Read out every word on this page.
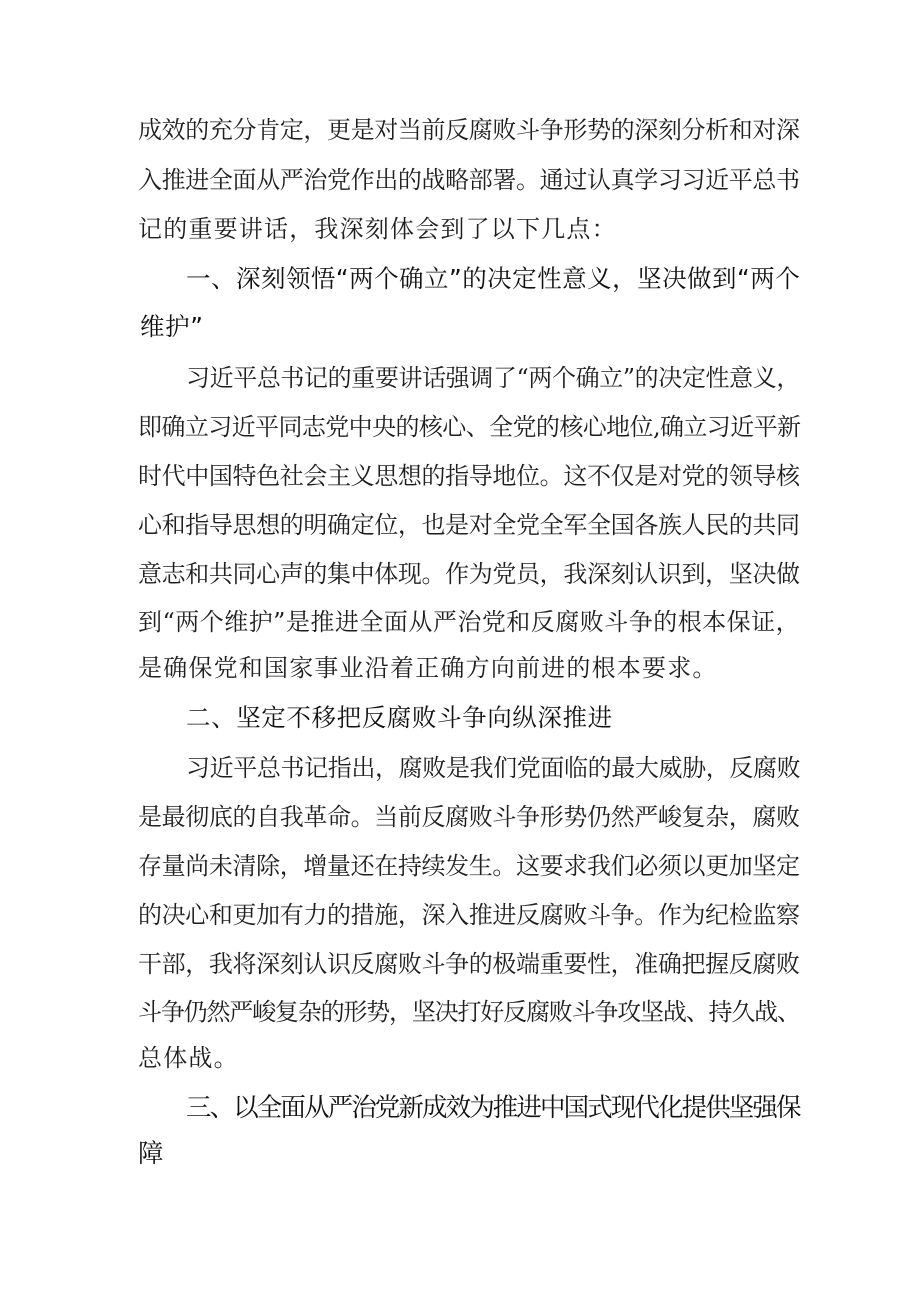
成效的充分肯定，更是对当前反腐败斗争形势的深刻分析和对深
入推进全面从严治党作出的战略部署。通过认真学习习近平总书
记的重要讲话，我深刻体会到了以下几点：
一、深刻领悟“两个确立”的决定性意义，坚决做到“两个
维护”
习近平总书记的重要讲话强调了“两个确立”的决定性意义，
即确立习近平同志党中央的核心、全党的核心地位,确立习近平新
时代中国特色社会主义思想的指导地位。这不仅是对党的领导核
心和指导思想的明确定位，也是对全党全军全国各族人民的共同
意志和共同心声的集中体现。作为党员，我深刻认识到，坚决做
到“两个维护”是推进全面从严治党和反腐败斗争的根本保证，
是确保党和国家事业沿着正确方向前进的根本要求。
二、坚定不移把反腐败斗争向纵深推进
习近平总书记指出，腐败是我们党面临的最大威胁，反腐败
是最彻底的自我革命。当前反腐败斗争形势仍然严峻复杂，腐败
存量尚未清除，增量还在持续发生。这要求我们必须以更加坚定
的决心和更加有力的措施，深入推进反腐败斗争。作为纪检监察
干部，我将深刻认识反腐败斗争的极端重要性，准确把握反腐败
斗争仍然严峻复杂的形势，坚决打好反腐败斗争攻坚战、持久战、
总体战。
三、以全面从严治党新成效为推进中国式现代化提供坚强保
障
